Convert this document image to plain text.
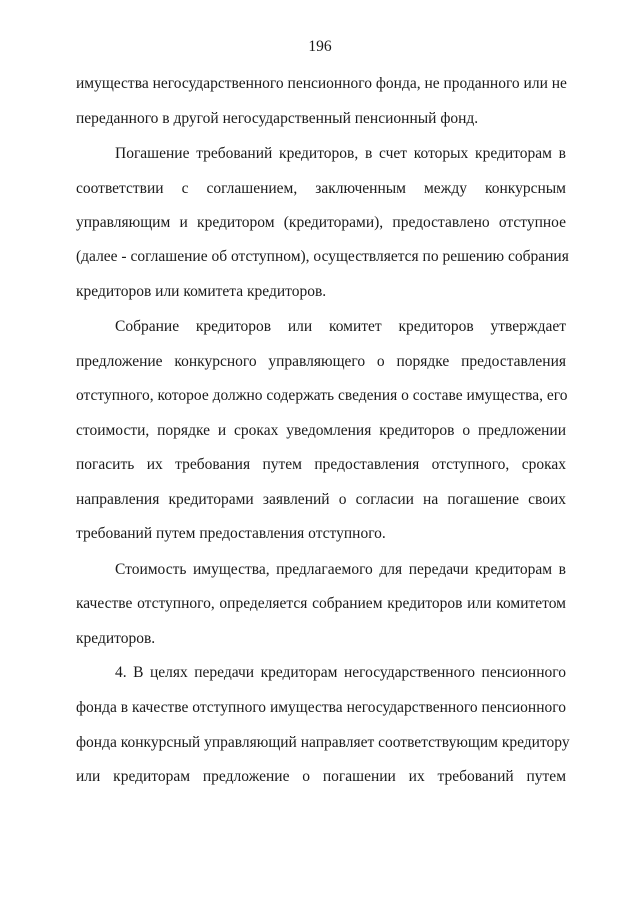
196
имущества негосударственного пенсионного фонда, не проданного или не
переданного в другой негосударственный пенсионный фонд.
Погашение требований кредиторов, в счет которых кредиторам в
соответствии с соглашением, заключенным между конкурсным
управляющим и кредитором (кредиторами), предоставлено отступное
(далее - соглашение об отступном), осуществляется по решению собрания
кредиторов или комитета кредиторов.
Собрание кредиторов или комитет кредиторов утверждает
предложение конкурсного управляющего о порядке предоставления
отступного, которое должно содержать сведения о составе имущества, его
стоимости, порядке и сроках уведомления кредиторов о предложении
погасить их требования путем предоставления отступного, сроках
направления кредиторами заявлений о согласии на погашение своих
требований путем предоставления отступного.
Стоимость имущества, предлагаемого для передачи кредиторам в
качестве отступного, определяется собранием кредиторов или комитетом
кредиторов.
4. В целях передачи кредиторам негосударственного пенсионного
фонда в качестве отступного имущества негосударственного пенсионного
фонда конкурсный управляющий направляет соответствующим кредитору
или кредиторам предложение о погашении их требований путем
